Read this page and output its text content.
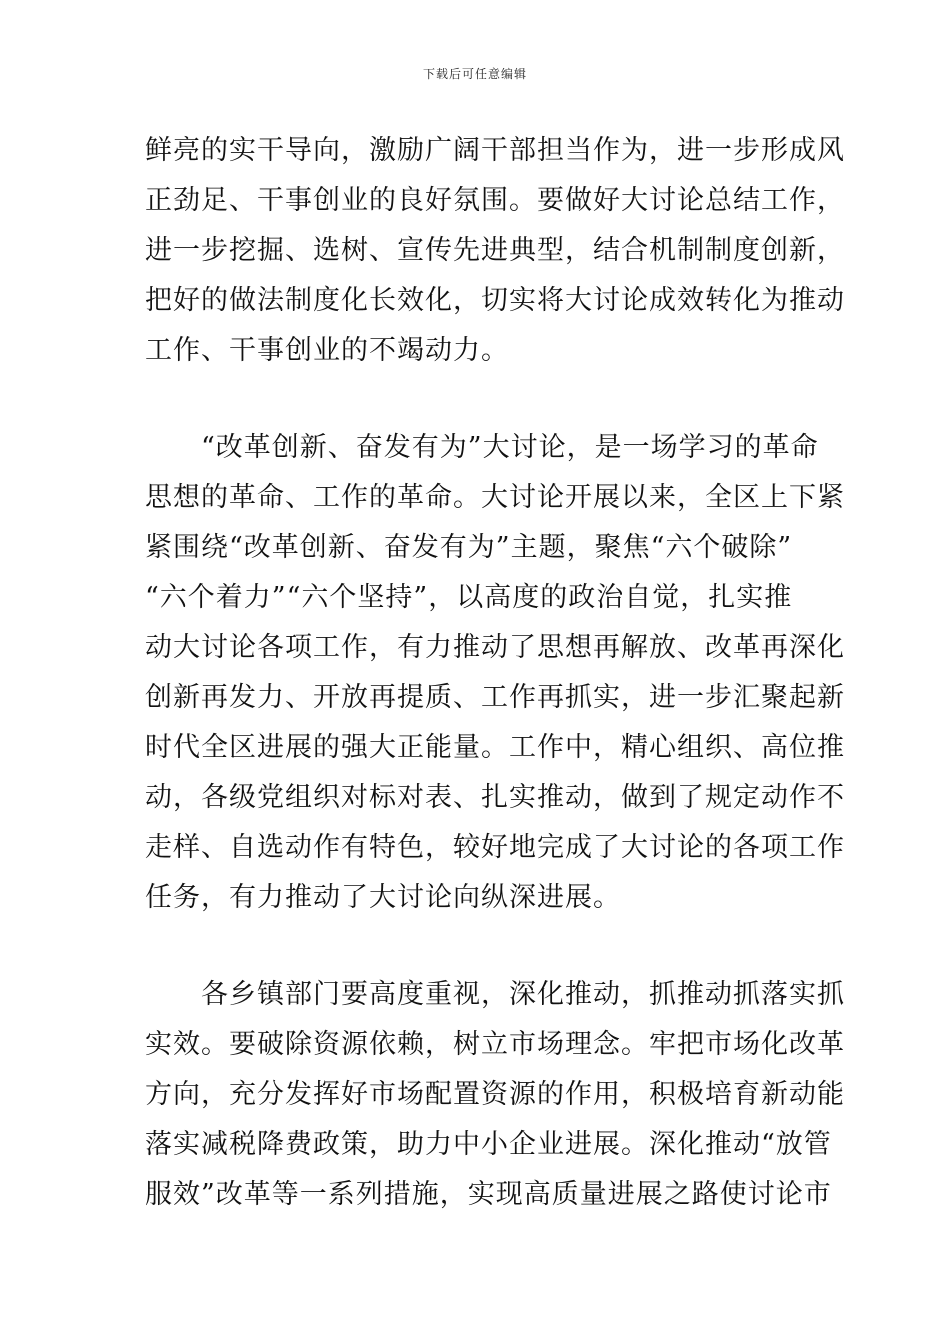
下载后可任意编辑
鲜亮的实干导向，激励广阔干部担当作为，进一步形成风
正劲足、干事创业的良好氛围。要做好大讨论总结工作，
进一步挖掘、选树、宣传先进典型，结合机制制度创新，
把好的做法制度化长效化，切实将大讨论成效转化为推动
工作、干事创业的不竭动力。
　　“改革创新、奋发有为”大讨论，是一场学习的革命
思想的革命、工作的革命。大讨论开展以来，全区上下紧
紧围绕“改革创新、奋发有为”主题，聚焦“六个破除”
“六个着力”“六个坚持”，以高度的政治自觉，扎实推
动大讨论各项工作，有力推动了思想再解放、改革再深化
创新再发力、开放再提质、工作再抓实，进一步汇聚起新
时代全区进展的强大正能量。工作中，精心组织、高位推
动，各级党组织对标对表、扎实推动，做到了规定动作不
走样、自选动作有特色，较好地完成了大讨论的各项工作
任务，有力推动了大讨论向纵深进展。
　　各乡镇部门要高度重视，深化推动，抓推动抓落实抓
实效。要破除资源依赖，树立市场理念。牢把市场化改革
方向，充分发挥好市场配置资源的作用，积极培育新动能
落实减税降费政策，助力中小企业进展。深化推动“放管
服效”改革等一系列措施，实现高质量进展之路使讨论市
